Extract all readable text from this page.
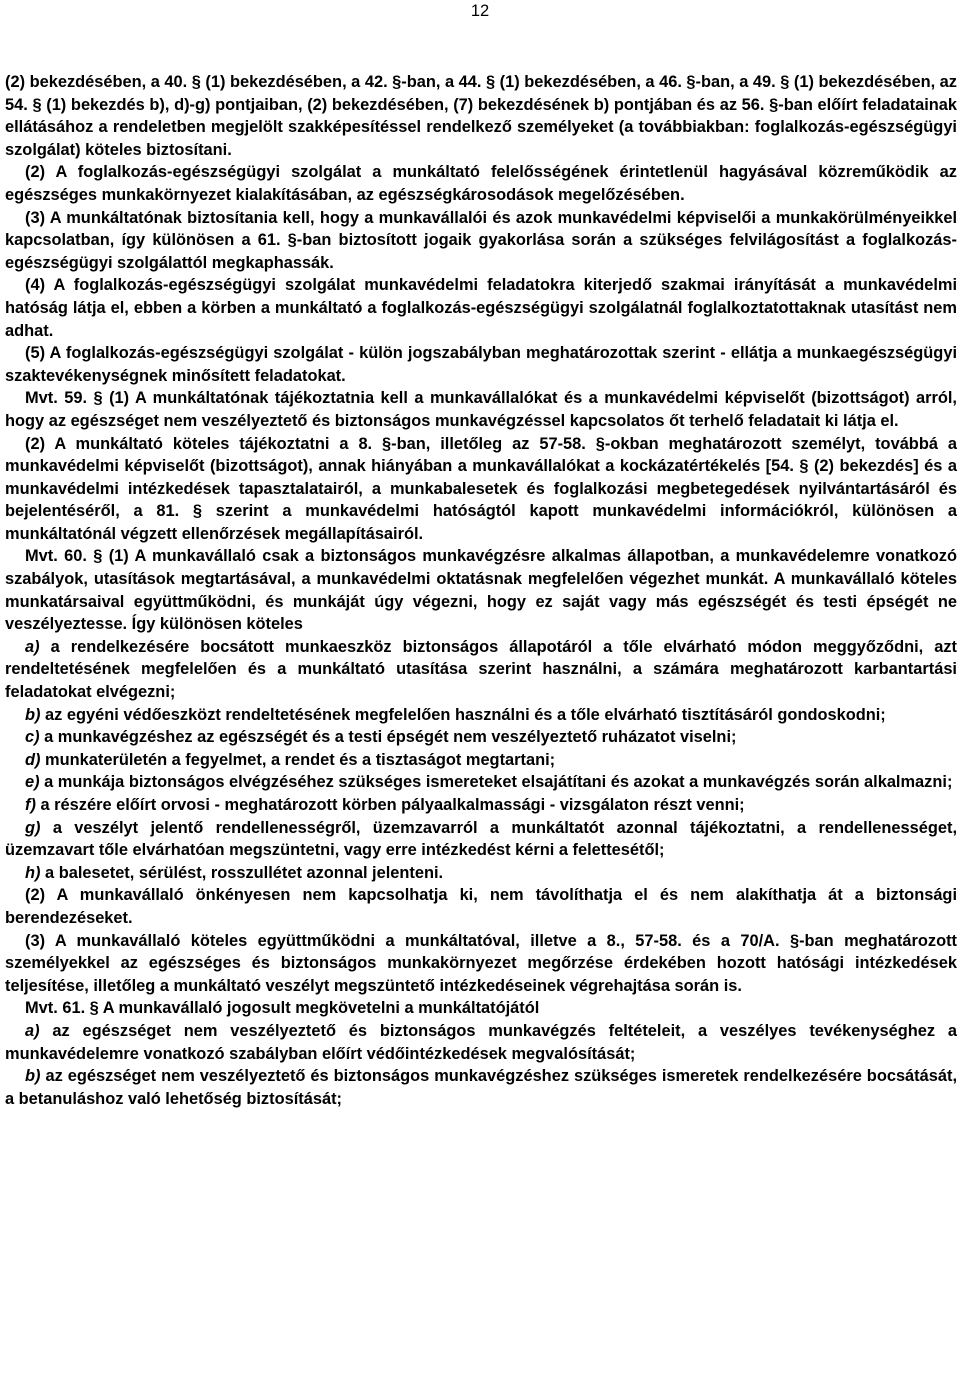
12

(2) bekezdésében, a 40. § (1) bekezdésében, a 42. §-ban, a 44. § (1) bekezdésében, a 46. §-ban, a 49. § (1) bekezdésében, az 54. § (1) bekezdés b), d)-g) pontjaiban, (2) bekezdésében, (7) bekezdésének b) pontjában és az 56. §-ban előírt feladatainak ellátásához a rendeletben megjelölt szakképesítéssel rendelkező személyeket (a továbbiakban: foglalkozás-egészségügyi szolgálat) köteles biztosítani.

(2) A foglalkozás-egészségügyi szolgálat a munkáltató felelősségének érintetlenül hagyásával közreműködik az egészséges munkakörnyezet kialakításában, az egészségkárosodások megelőzésében.

(3) A munkáltatónak biztosítania kell, hogy a munkavállalói és azok munkavédelmi képviselői a munkakörülményeikkel kapcsolatban, így különösen a 61. §-ban biztosított jogaik gyakorlása során a szükséges felvilágosítást a foglalkozás-egészségügyi szolgálattól megkaphassák.

(4) A foglalkozás-egészségügyi szolgálat munkavédelmi feladatokra kiterjedő szakmai irányítását a munkavédelmi hatóság látja el, ebben a körben a munkáltató a foglalkozás-egészségügyi szolgálatnál foglalkoztatottaknak utasítást nem adhat.

(5) A foglalkozás-egészségügyi szolgálat - külön jogszabályban meghatározottak szerint - ellátja a munkaegészségügyi szaktevékenységnek minősített feladatokat.

Mvt. 59. § (1) A munkáltatónak tájékoztatnia kell a munkavállalókat és a munkavédelmi képviselőt (bizottságot) arról, hogy az egészséget nem veszélyeztető és biztonságos munkavégzéssel kapcsolatos őt terhelő feladatait ki látja el.

(2) A munkáltató köteles tájékoztatni a 8. §-ban, illetőleg az 57-58. §-okban meghatározott személyt, továbbá a munkavédelmi képviselőt (bizottságot), annak hiányában a munkavállalókat a kockázatértékelés [54. § (2) bekezdés] és a munkavédelmi intézkedések tapasztalatairól, a munkabalesetek és foglalkozási megbetegedések nyilvántartásáról és bejelentéséről, a 81. § szerint a munkavédelmi hatóságtól kapott munkavédelmi információkról, különösen a munkáltatónál végzett ellenőrzések megállapításairól.

Mvt. 60. § (1) A munkavállaló csak a biztonságos munkavégzésre alkalmas állapotban, a munkavédelemre vonatkozó szabályok, utasítások megtartásával, a munkavédelmi oktatásnak megfelelően végezhet munkát. A munkavállaló köteles munkatársaival együttműködni, és munkáját úgy végezni, hogy ez saját vagy más egészségét és testi épségét ne veszélyeztesse. Így különösen köteles

a) a rendelkezésére bocsátott munkaeszköz biztonságos állapotáról a tőle elvárható módon meggyőződni, azt rendeltetésének megfelelően és a munkáltató utasítása szerint használni, a számára meghatározott karbantartási feladatokat elvégezni;

b) az egyéni védőeszközt rendeltetésének megfelelően használni és a tőle elvárható tisztításáról gondoskodni;

c) a munkavégzéshez az egészségét és a testi épségét nem veszélyeztető ruházatot viselni;

d) munkaterületén a fegyelmet, a rendet és a tisztaságot megtartani;

e) a munkája biztonságos elvégzéséhez szükséges ismereteket elsajátítani és azokat a munkavégzés során alkalmazni;

f) a részére előírt orvosi - meghatározott körben pályaalkalmassági - vizsgálaton részt venni;

g) a veszélyt jelentő rendellenességről, üzemzavarról a munkáltatót azonnal tájékoztatni, a rendellenességet, üzemzavart tőle elvárhatóan megszüntetni, vagy erre intézkedést kérni a felettesétől;

h) a balesetet, sérülést, rosszullétet azonnal jelenteni.

(2) A munkavállaló önkényesen nem kapcsolhatja ki, nem távolíthatja el és nem alakíthatja át a biztonsági berendezéseket.

(3) A munkavállaló köteles együttműködni a munkáltatóval, illetve a 8., 57-58. és a 70/A. §-ban meghatározott személyekkel az egészséges és biztonságos munkakörnyezet megőrzése érdekében hozott hatósági intézkedések teljesítése, illetőleg a munkáltató veszélyt megszüntető intézkedéseinek végrehajtása során is.

Mvt. 61. § A munkavállaló jogosult megkövetelni a munkáltatójától

a) az egészséget nem veszélyeztető és biztonságos munkavégzés feltételeit, a veszélyes tevékenységhez a munkavédelemre vonatkozó szabályban előírt védőintézkedések megvalósítását;

b) az egészséget nem veszélyeztető és biztonságos munkavégzéshez szükséges ismeretek rendelkezésére bocsátását, a betanuláshoz való lehetőség biztosítását;
